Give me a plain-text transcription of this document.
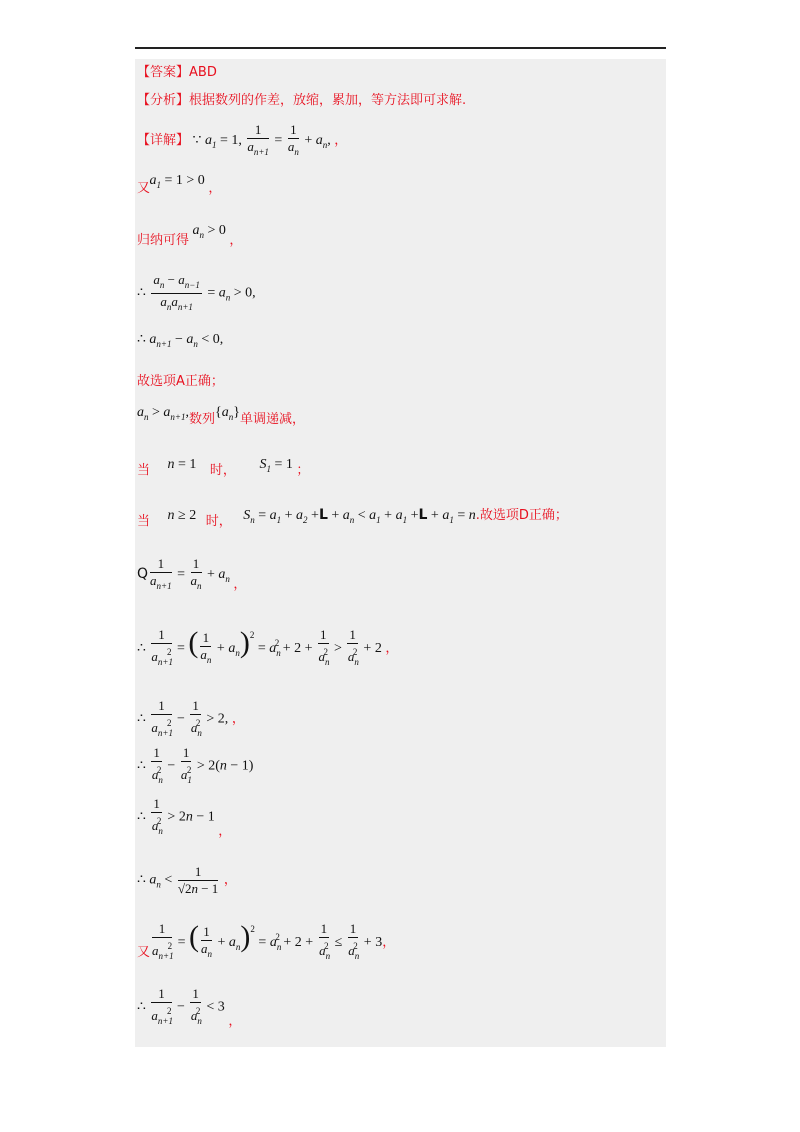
【答案】ABD
【分析】根据数列的作差，放缩，累加，等方法即可求解.
【详解】 ∵ $a_1 = 1$, $\frac{1}{a_{n+1}} = \frac{1}{a_n} + a_n$, ，
又 $a_1 = 1 > 0$ ，
归纳可得 $a_n > 0$ ，
∴ $\frac{a_n - a_{n-1}}{a_na_{n+1}} = a_n > 0$,
∴ $a_{n+1} - a_n < 0$,
故选项A正确；
$a_n > a_{n+1}$,数列$\{a_n\}$单调递减，
当 n = 1 时， $S_1 = 1$ ；
当 n ≥ 2 时， $S_n = a_1 + a_2 +L + a_n < a_1 + a_1 +L + a_1 = n$.故选项D正确；
Q $\frac{1}{a_{n+1}} = \frac{1}{a_n} + a_n$ ，
∴ $\frac{1}{a_{n+1}^2}$ = ( $\frac{1}{a_n} + a_n)^2 = a_n^2 + 2 + \frac{1}{a_n^2} > \frac{1}{a_n^2} + 2$ ，
∴ $\frac{1}{a_{n+1}^2} - \frac{1}{a_n^2} > 2$, ，
∴ $\frac{1}{a_n^2} - \frac{1}{a_1^2} > 2(n - 1)$
∴ $\frac{1}{a_n^2} > 2n - 1$ ，
∴ $a_n < \frac{1}{√2n - 1}$ ，
又 $\frac{1}{a_{n+1}^2}$ = ( $\frac{1}{a_n} + a_n)^2 = a_n^2 + 2 + \frac{1}{a_n^2} \le \frac{1}{a_n^2} + 3$，
∴ $\frac{1}{a_{n+1}^2} - \frac{1}{a_n^2} < 3$ ，
